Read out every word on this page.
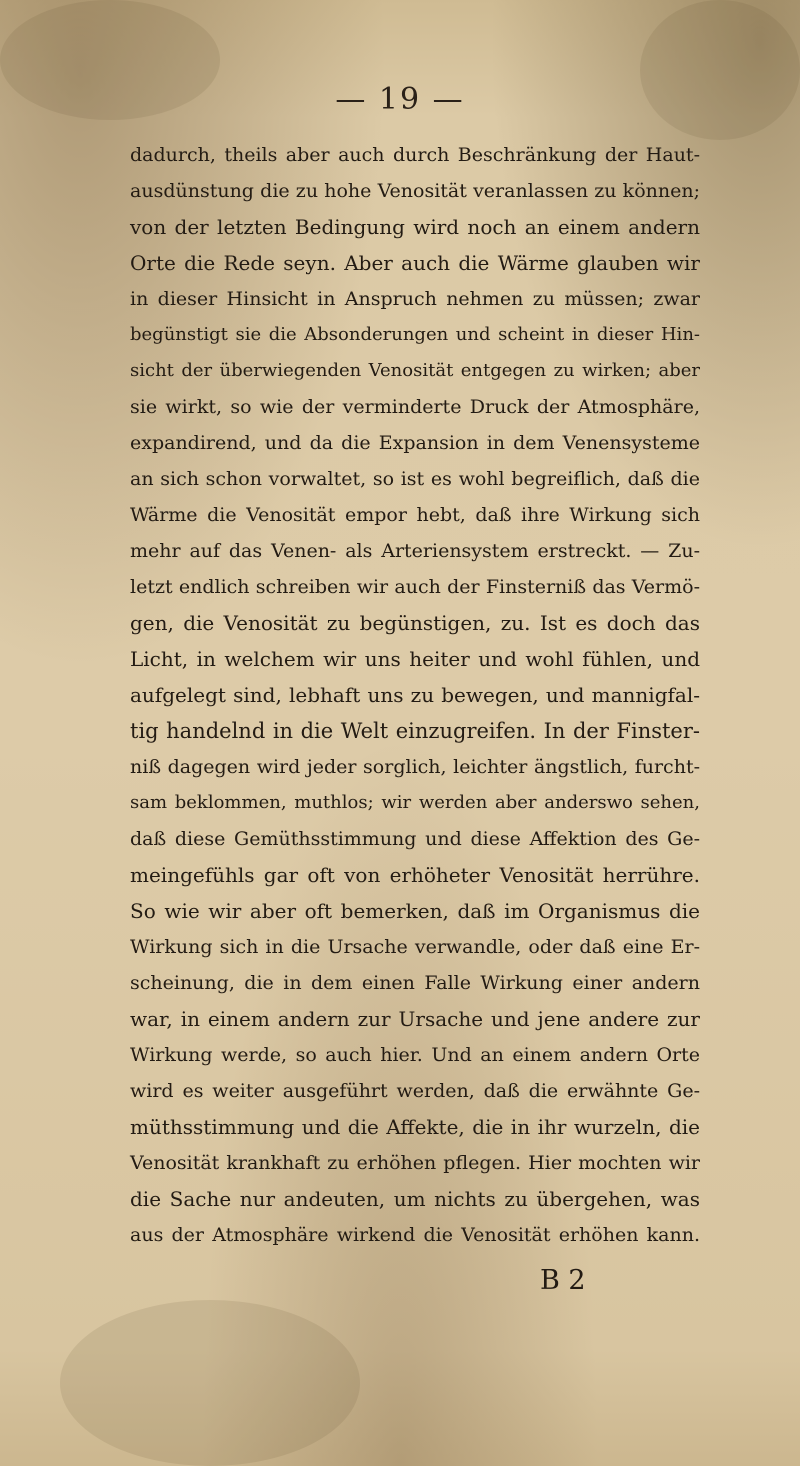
— 19 —
dadurch, theils aber auch durch Beschränkung der Haut-
ausdünstung die zu hohe Venosität veranlassen zu können;
von der letzten Bedingung wird noch an einem andern
Orte die Rede seyn. Aber auch die Wärme glauben wir
in dieser Hinsicht in Anspruch nehmen zu müssen; zwar
begünstigt sie die Absonderungen und scheint in dieser Hin-
sicht der überwiegenden Venosität entgegen zu wirken; aber
sie wirkt, so wie der verminderte Druck der Atmosphäre,
expandirend, und da die Expansion in dem Venensysteme
an sich schon vorwaltet, so ist es wohl begreiflich, daß die
Wärme die Venosität empor hebt, daß ihre Wirkung sich
mehr auf das Venen- als Arteriensystem erstreckt. — Zu-
letzt endlich schreiben wir auch der Finsterniß das Vermö-
gen, die Venosität zu begünstigen, zu. Ist es doch das
Licht, in welchem wir uns heiter und wohl fühlen, und
aufgelegt sind, lebhaft uns zu bewegen, und mannigfal-
tig handelnd in die Welt einzugreifen. In der Finster-
niß dagegen wird jeder sorglich, leichter ängstlich, furcht-
sam beklommen, muthlos; wir werden aber anderswo sehen,
daß diese Gemüthsstimmung und diese Affektion des Ge-
meingefühls gar oft von erhöheter Venosität herrühre.
So wie wir aber oft bemerken, daß im Organismus die
Wirkung sich in die Ursache verwandle, oder daß eine Er-
scheinung, die in dem einen Falle Wirkung einer andern
war, in einem andern zur Ursache und jene andere zur
Wirkung werde, so auch hier. Und an einem andern Orte
wird es weiter ausgeführt werden, daß die erwähnte Ge-
müthsstimmung und die Affekte, die in ihr wurzeln, die
Venosität krankhaft zu erhöhen pflegen. Hier mochten wir
die Sache nur andeuten, um nichts zu übergehen, was
aus der Atmosphäre wirkend die Venosität erhöhen kann.
B 2
